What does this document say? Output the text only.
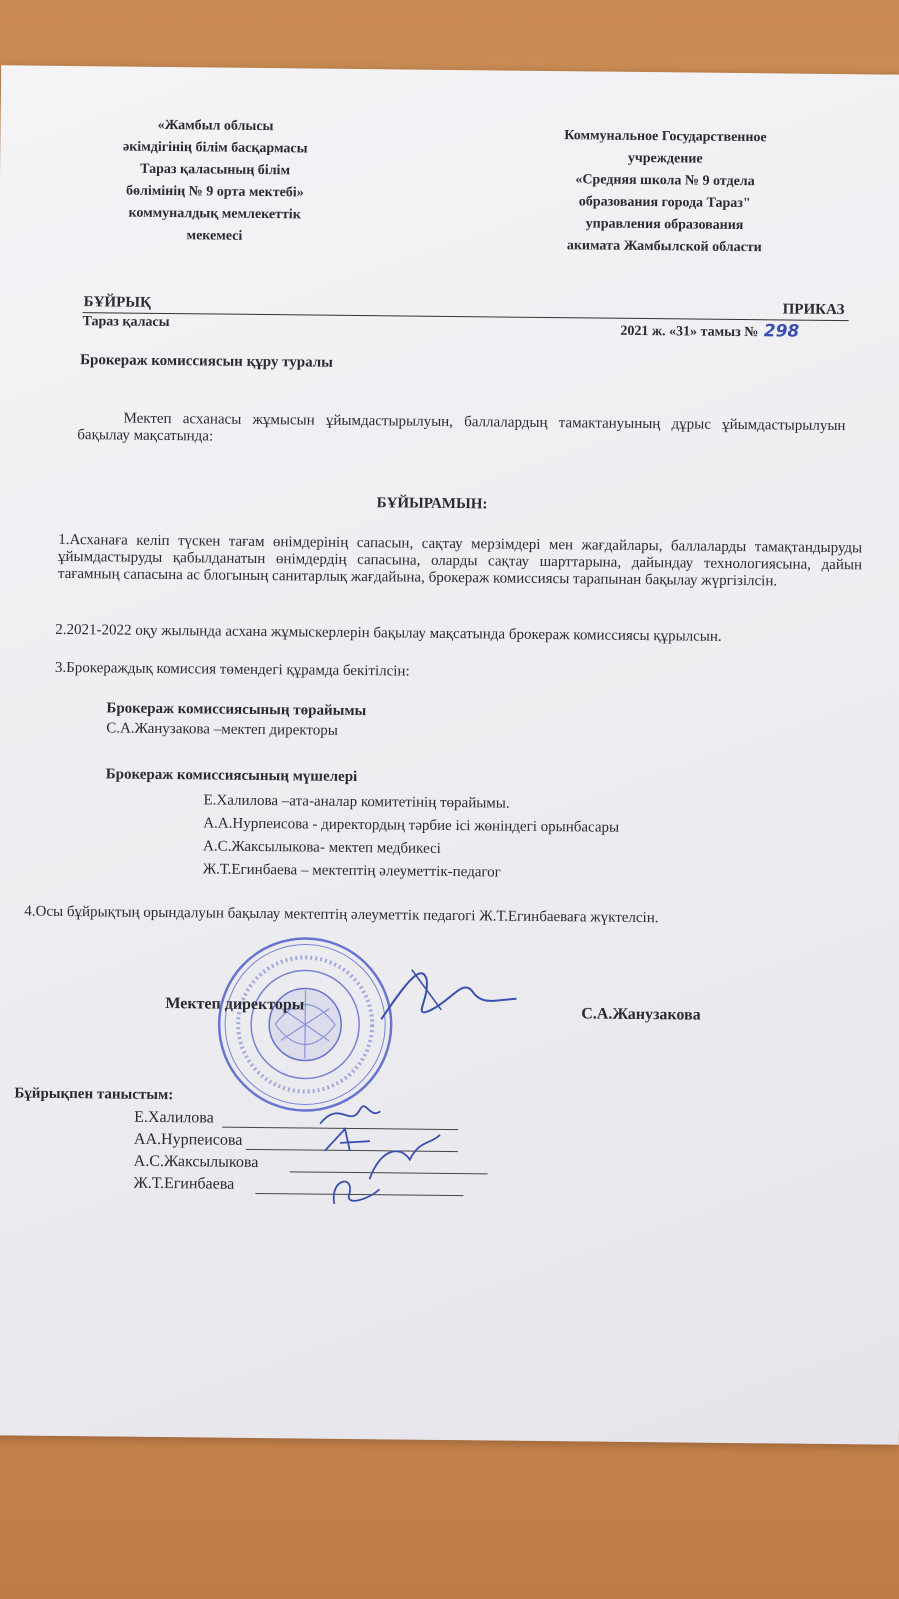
«Жамбыл облысы
әкімдігінің білім басқармасы
Тараз қаласының білім
бөлімінің № 9 орта мектебі»
коммуналдық мемлекеттік
мекемесі
Коммунальное Государственное
учреждение
«Средняя школа № 9 отдела
образования города Тараз"
управления образования
акимата Жамбылской области
БҰЙРЫҚ	ПРИКАЗ
Тараз қаласы
2021 ж. «31» тамыз № 298
Брокераж комиссиясын құру туралы
Мектеп асханасы жұмысын ұйымдастырылуын, баллалардың тамактануының дұрыс ұйымдастырылуын бақылау мақсатында:
БҰЙЫРАМЫН:
1.Асханаға келіп түскен тағам өнімдерінің сапасын, сақтау мерзімдері мен жағдайлары, баллаларды тамақтандыруды ұйымдастыруды қабылданатын өнімдердің сапасына, оларды сақтау шарттарына, дайындау технологиясына, дайын тағамның сапасына ас блогының санитарлық жағдайына, брокераж комиссиясы тарапынан бақылау жүргізілсін.
2.2021-2022 оқу жылында асхана жұмыскерлерін бақылау мақсатында брокераж комиссиясы құрылсын.
3.Брокераждық комиссия төмендегі құрамда бекітілсін:
Брокераж комиссиясының төрайымы
С.А.Жанузакова –мектеп директоры
Брокераж комиссиясының мүшелері
Е.Халилова –ата-аналар комитетінің төрайымы.
А.А.Нурпеисова - директордың тәрбие ісі жөніндегі орынбасары
А.С.Жаксылыкова- мектеп медбикесі
Ж.Т.Егинбаева – мектептің әлеуметтік-педагог
4.Осы бұйрықтың орындалуын бақылау мектептің әлеуметтік педагогі Ж.Т.Егинбаеваға жүктелсін.
Мектеп директоры
С.А.Жанузакова
Бұйрықпен таныстым:
Е.Халилова
АА.Нурпеисова
А.С.Жаксылыкова
Ж.Т.Егинбаева
